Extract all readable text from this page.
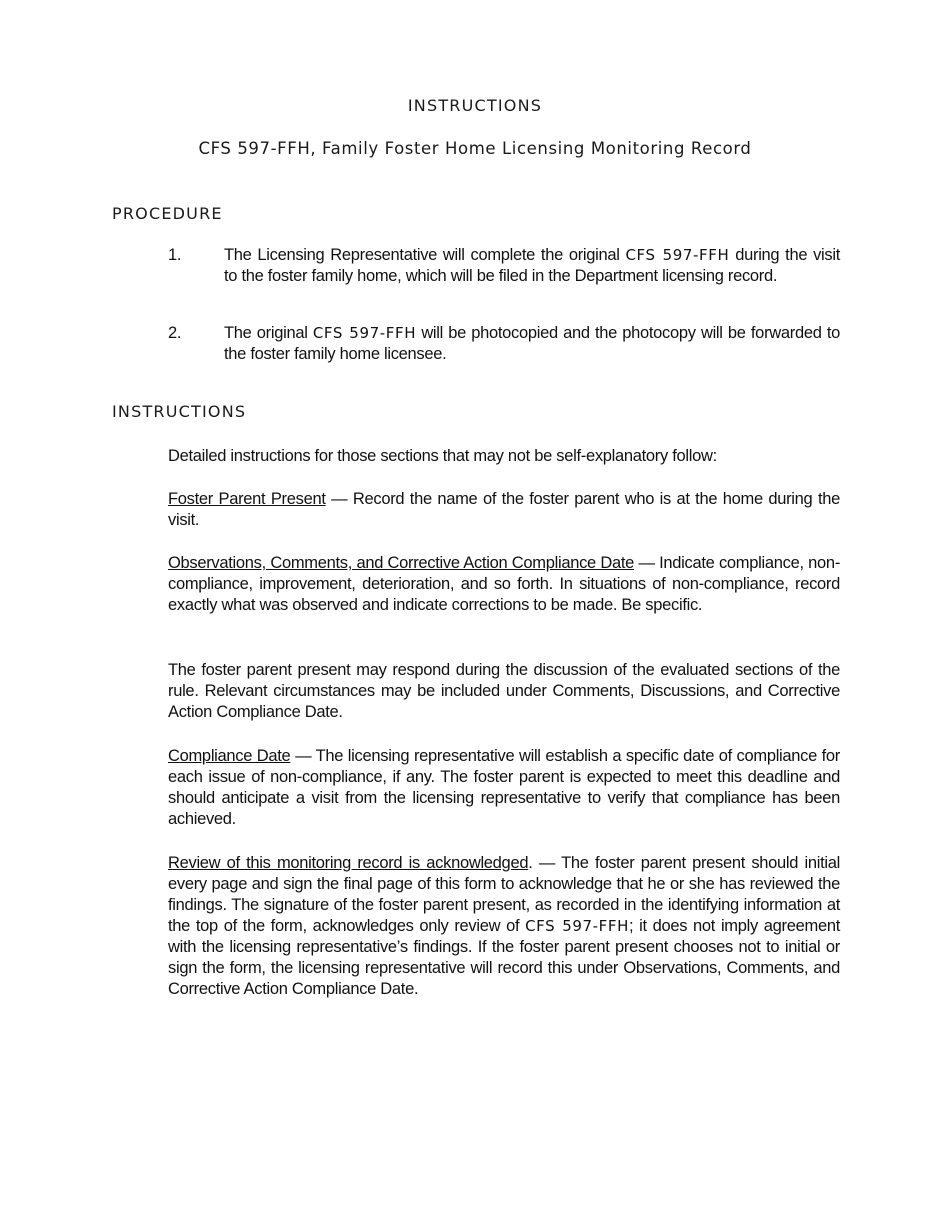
INSTRUCTIONS
CFS 597-FFH, Family Foster Home Licensing Monitoring Record
PROCEDURE
1.	The Licensing Representative will complete the original CFS 597-FFH during the visit to the foster family home, which will be filed in the Department licensing record.

2.	The original CFS 597-FFH will be photocopied and the photocopy will be forwarded to the foster family home licensee.

INSTRUCTIONS

Detailed instructions for those sections that may not be self-explanatory follow:

Foster Parent Present — Record the name of the foster parent who is at the home during the visit.

Observations, Comments, and Corrective Action Compliance Date — Indicate compliance, non-compliance, improvement, deterioration, and so forth. In situations of non-compliance, record exactly what was observed and indicate corrections to be made. Be specific.

The foster parent present may respond during the discussion of the evaluated sections of the rule. Relevant circumstances may be included under Comments, Discussions, and Corrective Action Compliance Date.

Compliance Date — The licensing representative will establish a specific date of compliance for each issue of non-compliance, if any. The foster parent is expected to meet this deadline and should anticipate a visit from the licensing representative to verify that compliance has been achieved.

Review of this monitoring record is acknowledged. — The foster parent present should initial every page and sign the final page of this form to acknowledge that he or she has reviewed the findings. The signature of the foster parent present, as recorded in the identifying information at the top of the form, acknowledges only review of CFS 597-FFH; it does not imply agreement with the licensing representative’s findings. If the foster parent present chooses not to initial or sign the form, the licensing representative will record this under Observations, Comments, and Corrective Action Compliance Date.
